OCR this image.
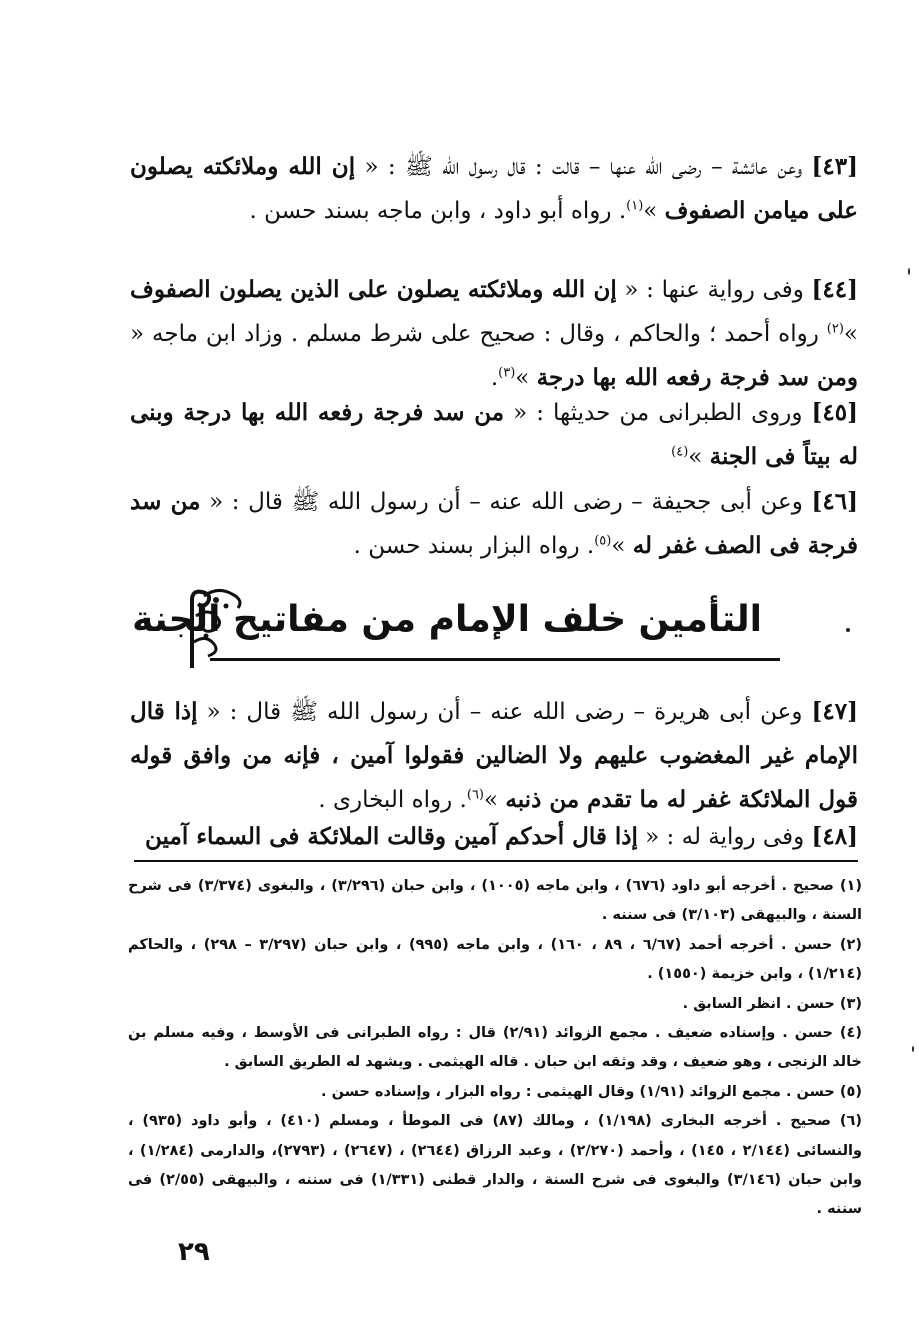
[٤٣] وعن عائشة – رضى الله عنها – قالت : قال رسول الله ﷺ : « إن الله وملائكته يصلون على ميامن الصفوف »$^{(١)}$. رواه أبو داود ، وابن ماجه بسند حسن .

[٤٤] وفى رواية عنها : « إن الله وملائكته يصلون على الذين يصلون الصفوف »$^{(٢)}$ رواه أحمد ؛ والحاكم ، وقال : صحيح على شرط مسلم . وزاد ابن ماجه « ومن سد فرجة رفعه الله بها درجة »$^{(٣)}$.

[٤٥] وروى الطبرانى من حديثها : « من سد فرجة رفعه الله بها درجة وبنى له بيتاً فى الجنة »$^{(٤)}$

[٤٦] وعن أبى جحيفة – رضى الله عنه – أن رسول الله ﷺ قال : « من سد فرجة فى الصف غفر له »$^{(٥)}$. رواه البزار بسند حسن .

التأمين خلف الإمام من مفاتيح الجنة

[٤٧] وعن أبى هريرة – رضى الله عنه – أن رسول الله ﷺ قال : « إذا قال الإمام غير المغضوب عليهم ولا الضالين فقولوا آمين ، فإنه من وافق قوله قول الملائكة غفر له ما تقدم من ذنبه »$^{(٦)}$. رواه البخارى .

[٤٨] وفى رواية له : « إذا قال أحدكم آمين وقالت الملائكة فى السماء آمين

(١) صحيح . أخرجه أبو داود (٦٧٦) ، وابن ماجه (١٠٠٥) ، وابن حبان (٣/٢٩٦) ، والبغوى (٣/٣٧٤) فى شرح السنة ، والبيهقى (٣/١٠٣) فى سننه .

(٢) حسن . أخرجه أحمد (٦/٦٧ ، ٨٩ ، ١٦٠) ، وابن ماجه (٩٩٥) ، وابن حبان (٣/٢٩٧ – ٢٩٨) ، والحاكم (١/٢١٤) ، وابن خزيمة (١٥٥٠) .

(٣) حسن . انظر السابق .

(٤) حسن . وإسناده ضعيف . مجمع الزوائد (٢/٩١) قال : رواه الطبرانى فى الأوسط ، وفيه مسلم بن خالد الزنجى ، وهو ضعيف ، وقد وثقه ابن حبان . قاله الهيثمى . ويشهد له الطريق السابق .

(٥) حسن . مجمع الزوائد (١/٩١) وقال الهيثمى : رواه البزار ، وإسناده حسن .

(٦) صحيح . أخرجه البخارى (١/١٩٨) ، ومالك (٨٧) فى الموطأ ، ومسلم (٤١٠) ، وأبو داود (٩٣٥) ، والنسائى (٢/١٤٤ ، ١٤٥) ، وأحمد (٢/٢٧٠) ، وعبد الرزاق (٢٦٤٤) ، (٢٦٤٧) ، (٢٧٩٣)، والدارمى (١/٢٨٤) ، وابن حبان (٣/١٤٦) والبغوى فى شرح السنة ، والدار قطنى (١/٣٣١) فى سننه ، والبيهقى (٢/٥٥) فى سننه .

٢٩
